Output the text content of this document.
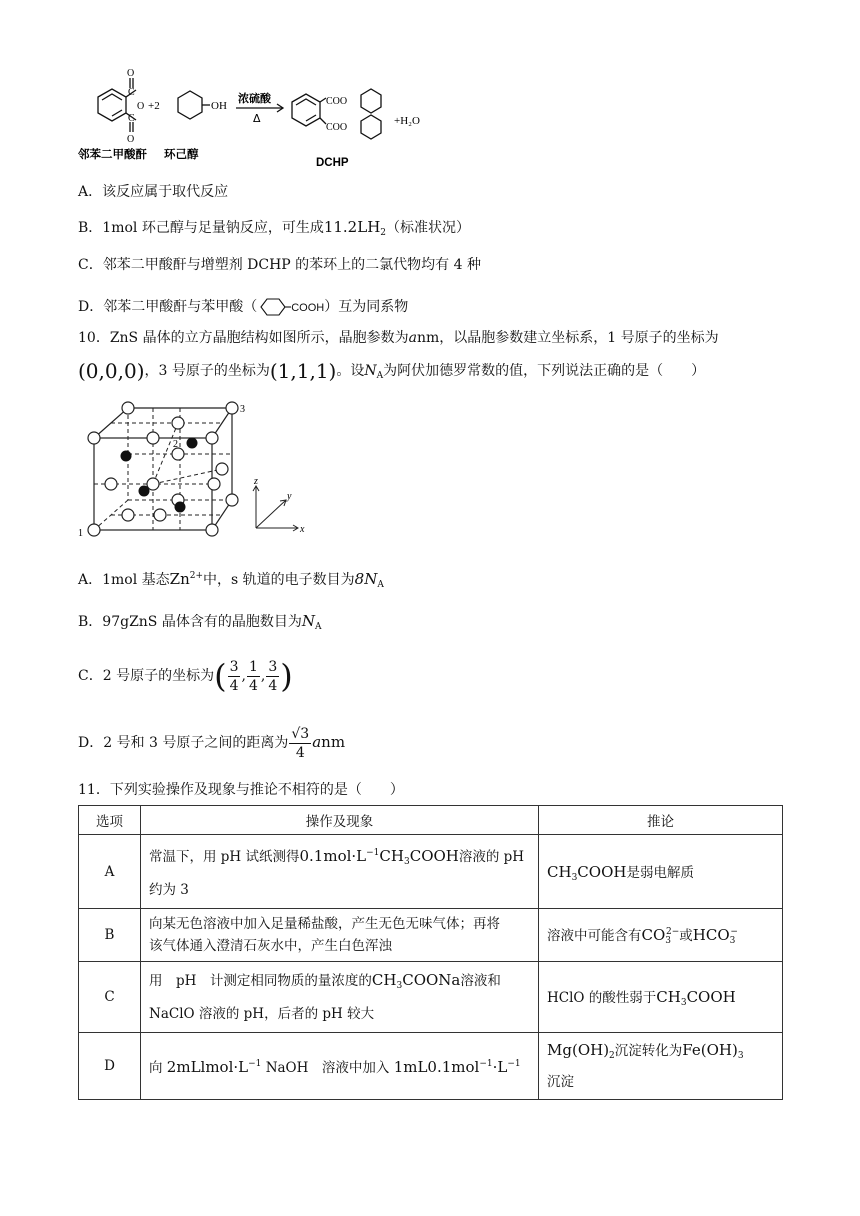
O
C
O
C
O
+2	OH
浓硫酸
Δ
COO
COO
+H₂O
邻苯二甲酸酐 环己醇
DCHP
A．该反应属于取代反应
B．1mol 环己醇与足量钠反应，可生成$11.2LH_2$（标准状况）
C．邻苯二甲酸酐与增塑剂 DCHP 的苯环上的二氯代物均有 4 种
D．邻苯二甲酸酐与苯甲酸（	COOH）互为同系物
10．ZnS 晶体的立方晶胞结构如图所示，晶胞参数为anm，以晶胞参数建立坐标系，1 号原子的坐标为
(0,0,0)，3 号原子的坐标为(1,1,1)。设$N_A$为阿伏加德罗常数的值，下列说法正确的是（　　）
1
2
3
x
y
z
A．1mol 基态$Zn^{2+}$中，s 轨道的电子数目为$8N_A$
B．97gZnS 晶体含有的晶胞数目为$N_A$
C．2 号原子的坐标为( $\frac{3}{4}$ , $\frac{1}{4}$ , $\frac{3}{4}$ )
D．2 号和 3 号原子之间的距离为 $\frac{√3}{4}$ anm
11．下列实验操作及现象与推论不相符的是（　　）
选项	操作及现象	推论
A	常温下，用 pH 试纸测得$0.1mol\cdot L^{-1}CH_3COOH$溶液的 pH
约为 3	$CH_3COOH$是弱电解质
B	向某无色溶液中加入足量稀盐酸，产生无色无味气体；再将
该气体通入澄清石灰水中，产生白色浑浊	溶液中可能含有$CO_3^{2-}$或$HCO_3^-$
C	用　pH　计测定相同物质的量浓度的$CH_3COONa$溶液和
NaClO 溶液的 pH，后者的 pH 较大	HClO 的酸性弱于$CH_3COOH$
D	向 $2mLlmol\cdot L^{-1}$ NaOH　溶液中加入 $1mL0.1mol^{-1}\cdot L^{-1}$	$Mg(OH)_2$沉淀转化为$Fe(OH)_3$
沉淀
